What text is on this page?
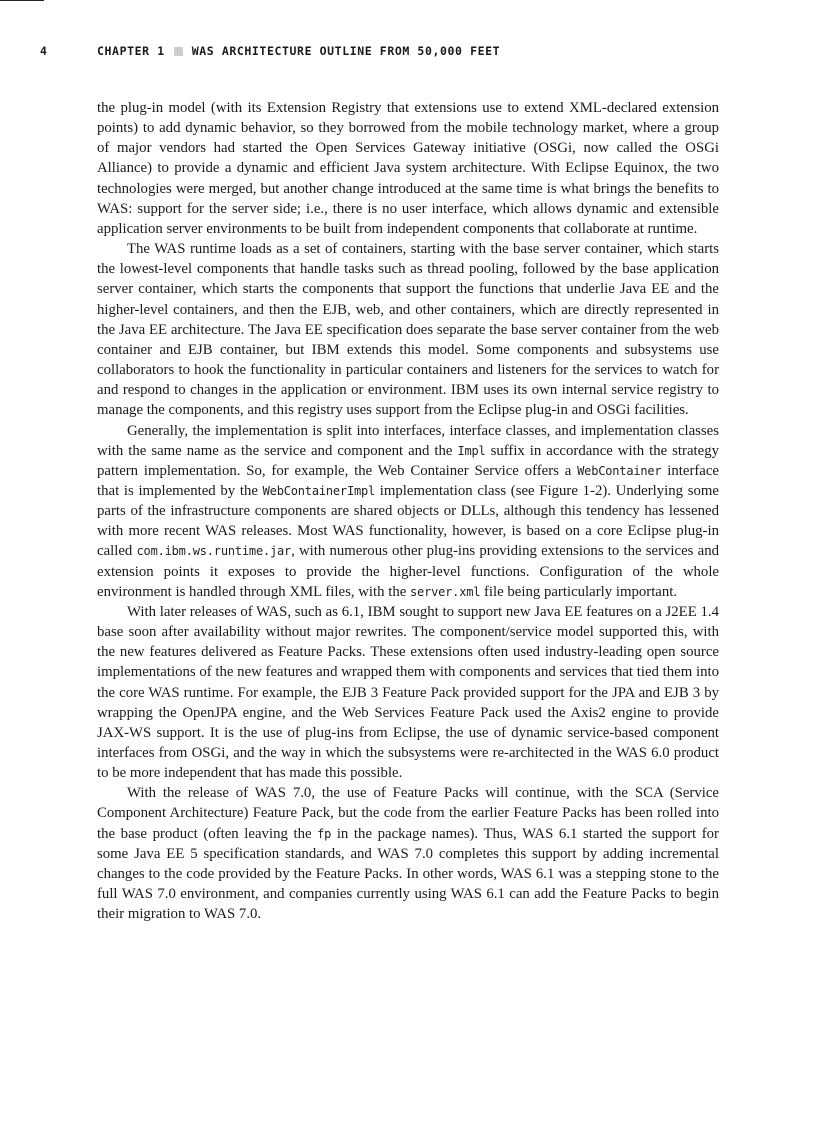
4	CHAPTER 1 WAS ARCHITECTURE OUTLINE FROM 50,000 FEET

the plug-in model (with its Extension Registry that extensions use to extend XML-declared extension points) to add dynamic behavior, so they borrowed from the mobile technology market, where a group of major vendors had started the Open Services Gateway initiative (OSGi, now called the OSGi Alliance) to provide a dynamic and efficient Java system architecture. With Eclipse Equinox, the two technologies were merged, but another change introduced at the same time is what brings the benefits to WAS: support for the server side; i.e., there is no user interface, which allows dynamic and extensible application server environments to be built from independent components that collaborate at runtime.

The WAS runtime loads as a set of containers, starting with the base server container, which starts the lowest-level components that handle tasks such as thread pooling, followed by the base application server container, which starts the components that support the functions that underlie Java EE and the higher-level containers, and then the EJB, web, and other containers, which are directly represented in the Java EE architecture. The Java EE specification does separate the base server container from the web container and EJB container, but IBM extends this model. Some components and subsystems use collaborators to hook the functionality in particular containers and listeners for the services to watch for and respond to changes in the application or environment. IBM uses its own internal service registry to manage the components, and this registry uses support from the Eclipse plug-in and OSGi facilities.

Generally, the implementation is split into interfaces, interface classes, and implementation classes with the same name as the service and component and the Impl suffix in accordance with the strategy pattern implementation. So, for example, the Web Container Service offers a WebContainer interface that is implemented by the WebContainerImpl implementation class (see Figure 1-2). Underlying some parts of the infrastructure components are shared objects or DLLs, although this tendency has lessened with more recent WAS releases. Most WAS functionality, however, is based on a core Eclipse plug-in called com.ibm.ws.runtime.jar, with numerous other plug-ins providing extensions to the services and extension points it exposes to provide the higher-level functions. Configuration of the whole environment is handled through XML files, with the server.xml file being particularly important.

With later releases of WAS, such as 6.1, IBM sought to support new Java EE features on a J2EE 1.4 base soon after availability without major rewrites. The component/service model supported this, with the new features delivered as Feature Packs. These extensions often used industry-leading open source implementations of the new features and wrapped them with components and services that tied them into the core WAS runtime. For example, the EJB 3 Feature Pack provided support for the JPA and EJB 3 by wrapping the OpenJPA engine, and the Web Services Feature Pack used the Axis2 engine to provide JAX-WS support. It is the use of plug-ins from Eclipse, the use of dynamic service-based component interfaces from OSGi, and the way in which the subsystems were re-architected in the WAS 6.0 product to be more independent that has made this possible.

With the release of WAS 7.0, the use of Feature Packs will continue, with the SCA (Service Component Architecture) Feature Pack, but the code from the earlier Feature Packs has been rolled into the base product (often leaving the fp in the package names). Thus, WAS 6.1 started the support for some Java EE 5 specification standards, and WAS 7.0 completes this support by adding incremental changes to the code provided by the Feature Packs. In other words, WAS 6.1 was a stepping stone to the full WAS 7.0 environment, and companies currently using WAS 6.1 can add the Feature Packs to begin their migration to WAS 7.0.
